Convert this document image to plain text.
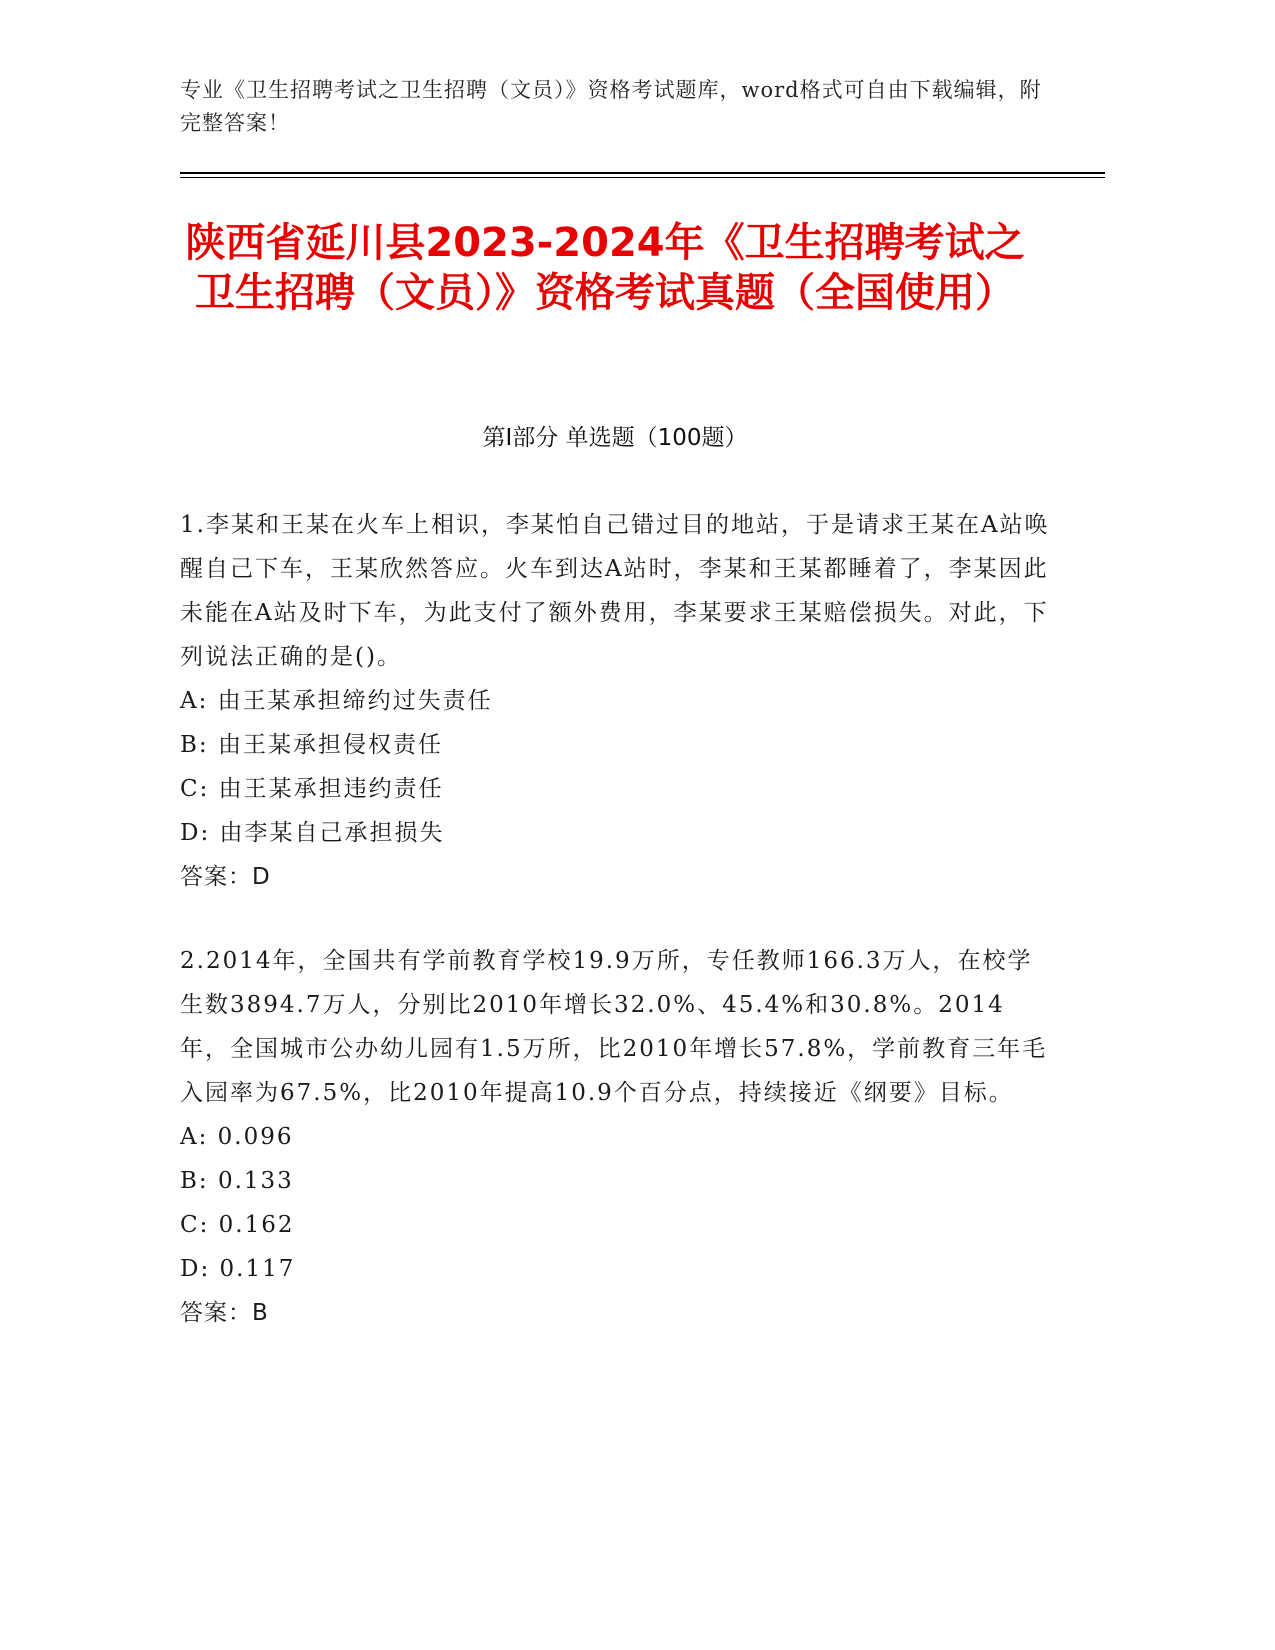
专业《卫生招聘考试之卫生招聘（文员）》资格考试题库，word格式可自由下载编辑，附完整答案！
陕西省延川县2023-2024年《卫生招聘考试之卫生招聘（文员）》资格考试真题（全国使用）
第Ⅰ部分 单选题（100题）

1.李某和王某在火车上相识，李某怕自己错过目的地站，于是请求王某在A站唤醒自己下车，王某欣然答应。火车到达A站时，李某和王某都睡着了，李某因此未能在A站及时下车，为此支付了额外费用，李某要求王某赔偿损失。对此，下列说法正确的是()。

A: 由王某承担缔约过失责任

B: 由王某承担侵权责任

C: 由王某承担违约责任

D: 由李某自己承担损失

答案：D

2.2014年，全国共有学前教育学校19.9万所，专任教师166.3万人，在校学生数3894.7万人，分别比2010年增长32.0%、45.4%和30.8%。2014年，全国城市公办幼儿园有1.5万所，比2010年增长57.8%，学前教育三年毛入园率为67.5%，比2010年提高10.9个百分点，持续接近《纲要》目标。

A: 0.096

B: 0.133

C: 0.162

D: 0.117

答案：B
